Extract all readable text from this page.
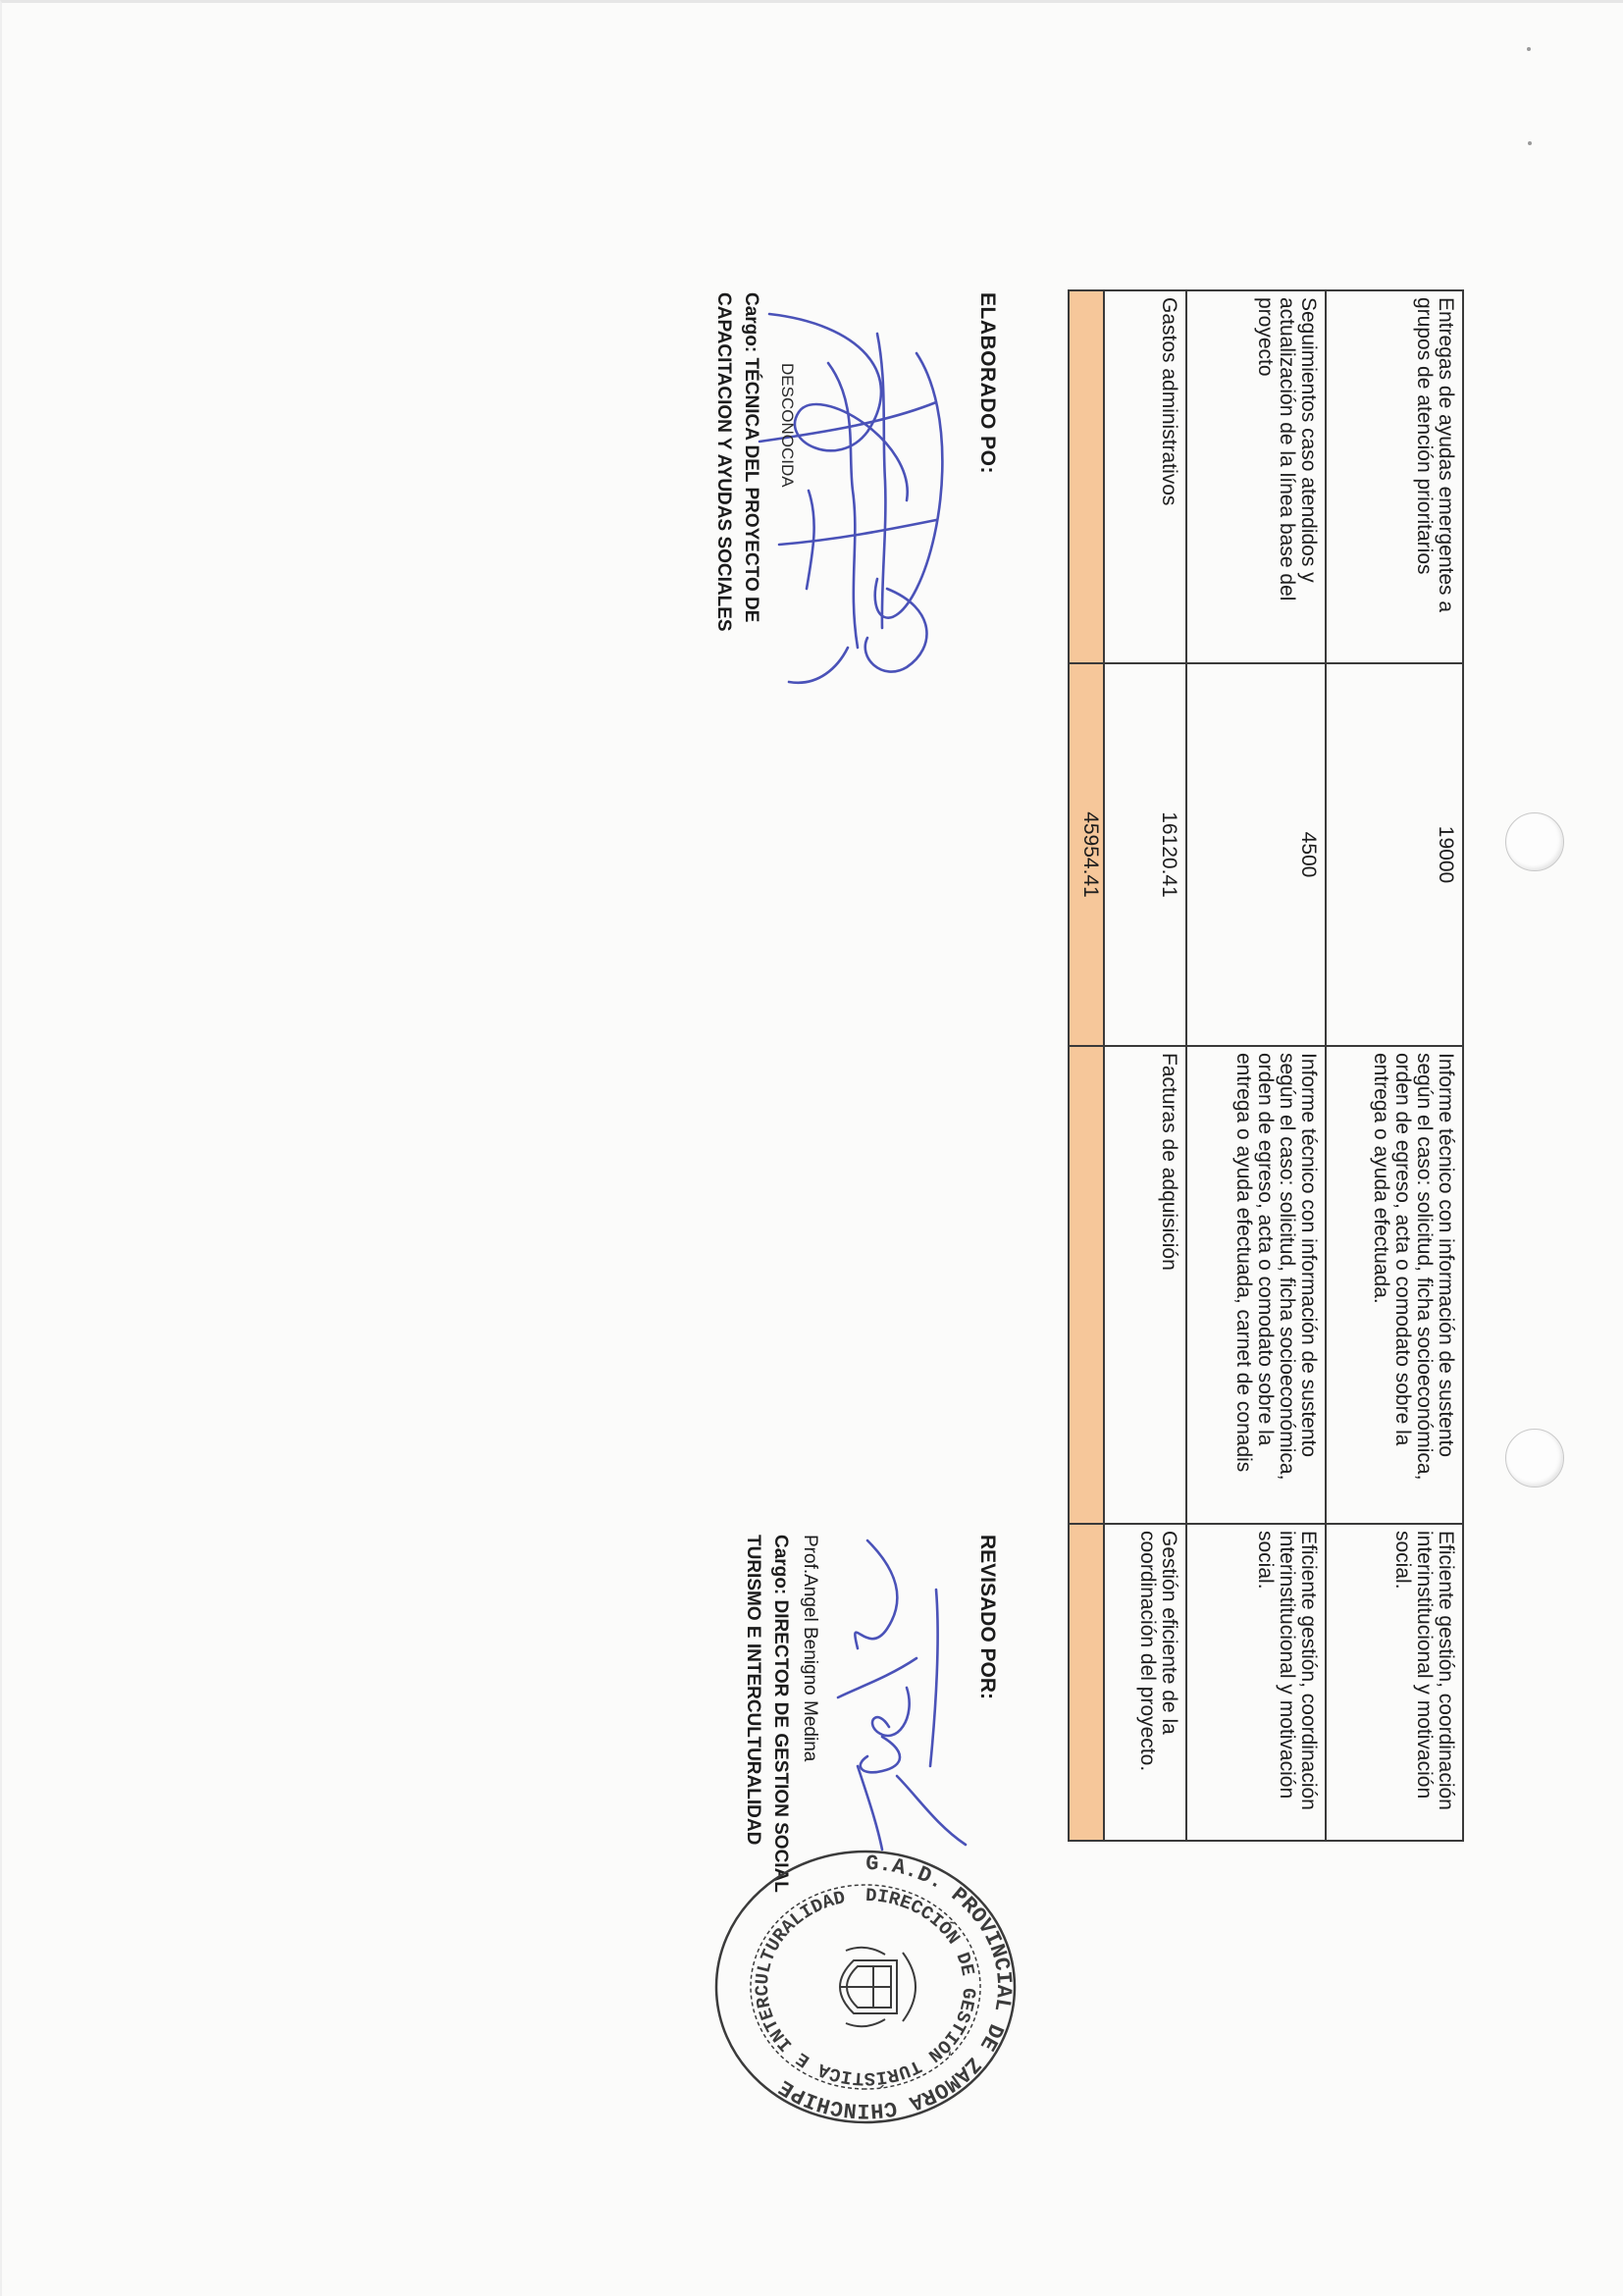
Entregas de ayudas emergentes a grupos de atención prioritarios	19000	Informe técnico con información de sustento según el caso: solicitud, ficha socioeconómica, orden de egreso, acta o comodato sobre la entrega o ayuda efectuada.	Eficiente gestión, coordinación interinstitucional y motivación social.
Seguimientos caso atendidos y actualización de la línea base del proyecto	4500	Informe técnico con información de sustento según el caso: solicitud, ficha socioeconómica, orden de egreso, acta o comodato sobre la entrega o ayuda efectuada, carnet de conadis	Eficiente gestión, coordinación interinstitucional y motivación social.
Gastos administrativos	16120.41	Facturas de adquisición	Gestión eficiente de la coordinación del proyecto.
	45954.41		
ELABORADO PO:
DESCONOCIDA
Cargo: TÉCNICA DEL PROYECTO DE
CAPACITACION Y AYUDAS SOCIALES
REVISADO POR:
Prof.Angel Benigno Medina
Cargo: DIRECTOR DE GESTION SOCIAL
TURISMO E INTERCULTURALIDAD
G.A.D. PROVINCIAL DE ZAMORA CHINCHIPE
DIRECCIÓN DE GESTIÓN TURÍSTICA E INTERCULTURALIDAD
